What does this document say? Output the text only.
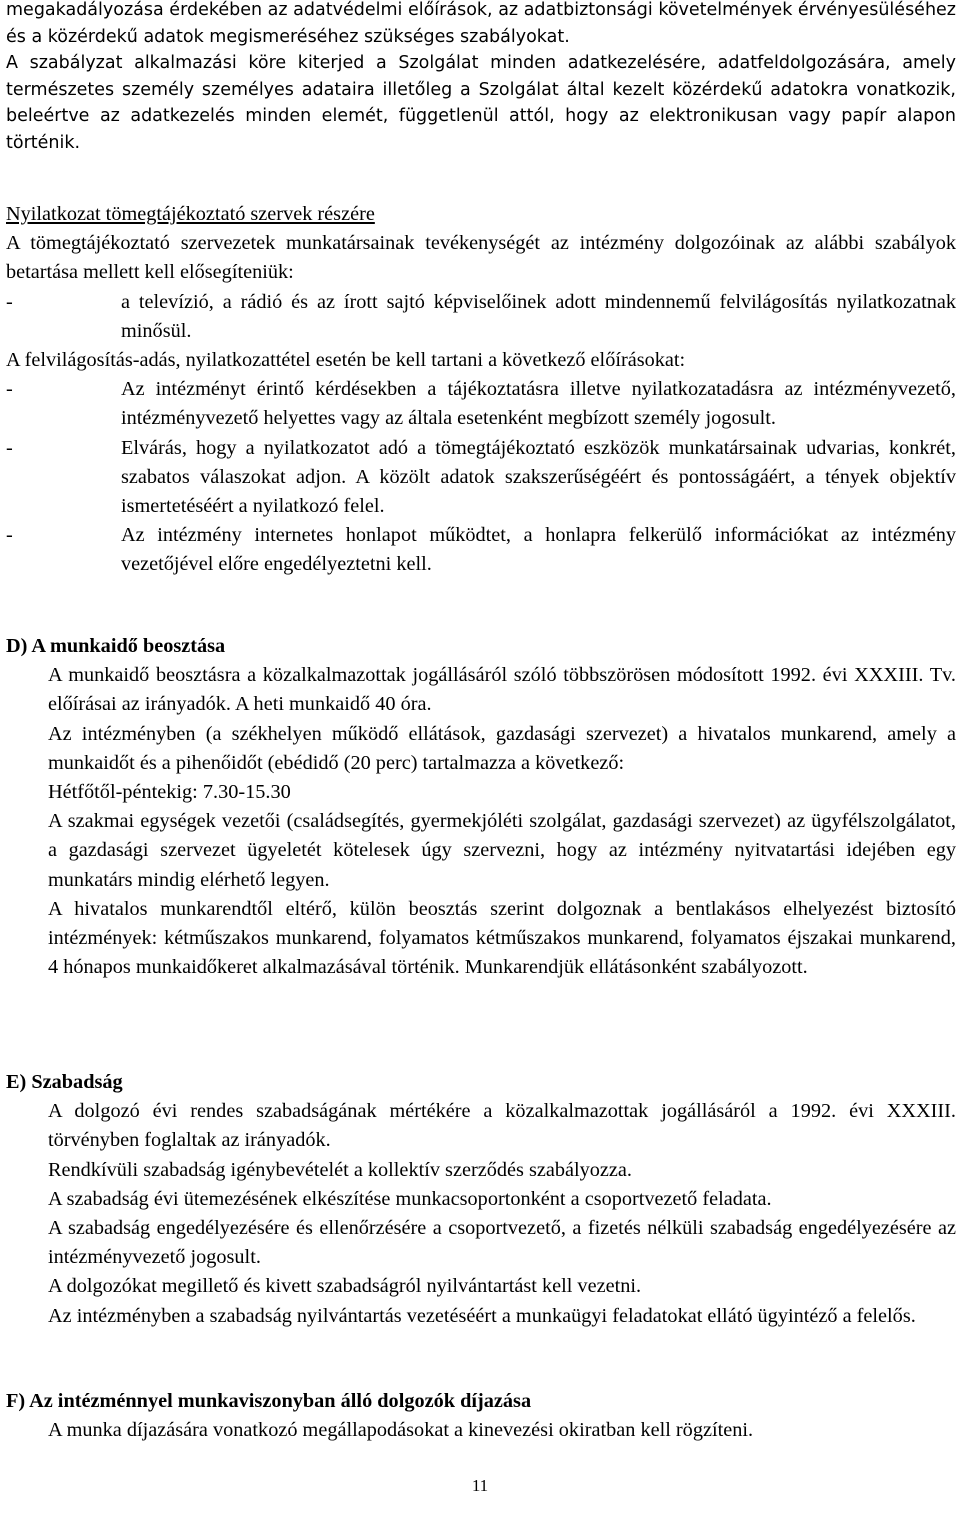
megakadályozása érdekében az adatvédelmi előírások, az adatbiztonsági követelmények érvényesüléséhez és a közérdekű adatok megismeréséhez szükséges szabályokat.

A szabályzat alkalmazási köre kiterjed a Szolgálat minden adatkezelésére, adatfeldolgozására, amely természetes személy személyes adataira illetőleg a Szolgálat által kezelt közérdekű adatokra vonatkozik, beleértve az adatkezelés minden elemét, függetlenül attól, hogy az elektronikusan vagy papír alapon történik.

Nyilatkozat tömegtájékoztató szervek részére

A tömegtájékoztató szervezetek munkatársainak tevékenységét az intézmény dolgozóinak az alábbi szabályok betartása mellett kell elősegíteniük:

-	a televízió, a rádió és az írott sajtó képviselőinek adott mindennemű felvilágosítás nyilatkozatnak minősül.

A felvilágosítás-adás, nyilatkozattétel esetén be kell tartani a következő előírásokat:

-	Az intézményt érintő kérdésekben a tájékoztatásra illetve nyilatkozatadásra az intézményvezető, intézményvezető helyettes vagy az általa esetenként megbízott személy jogosult.
-	Elvárás, hogy a nyilatkozatot adó a tömegtájékoztató eszközök munkatársainak udvarias, konkrét, szabatos válaszokat adjon. A közölt adatok szakszerűségéért és pontosságáért, a tények objektív ismertetéséért a nyilatkozó felel.
-	Az intézmény internetes honlapot működtet, a honlapra felkerülő információkat az intézmény vezetőjével előre engedélyeztetni kell.

D) A munkaidő beosztása

A munkaidő beosztásra a közalkalmazottak jogállásáról szóló többszörösen módosított 1992. évi XXXIII. Tv. előírásai az irányadók. A heti munkaidő 40 óra.

Az intézményben (a székhelyen működő ellátások, gazdasági szervezet) a hivatalos munkarend, amely a munkaidőt és a pihenőidőt (ebédidő (20 perc) tartalmazza a következő:

Hétfőtől-péntekig: 7.30-15.30

A szakmai egységek vezetői (családsegítés, gyermekjóléti szolgálat, gazdasági szervezet) az ügyfélszolgálatot, a gazdasági szervezet ügyeletét kötelesek úgy szervezni, hogy az intézmény nyitvatartási idejében egy munkatárs mindig elérhető legyen.

A hivatalos munkarendtől eltérő, külön beosztás szerint dolgoznak a bentlakásos elhelyezést biztosító intézmények: kétműszakos munkarend, folyamatos kétműszakos munkarend, folyamatos éjszakai munkarend, 4 hónapos munkaidőkeret alkalmazásával történik. Munkarendjük ellátásonként szabályozott.

E) Szabadság

A dolgozó évi rendes szabadságának mértékére a közalkalmazottak jogállásáról a 1992. évi XXXIII. törvényben foglaltak az irányadók.

Rendkívüli szabadság igénybevételét a kollektív szerződés szabályozza.

A szabadság évi ütemezésének elkészítése munkacsoportonként a csoportvezető feladata.

A szabadság engedélyezésére és ellenőrzésére a csoportvezető, a fizetés nélküli szabadság engedélyezésére az intézményvezető jogosult.

A dolgozókat megillető és kivett szabadságról nyilvántartást kell vezetni.

Az intézményben a szabadság nyilvántartás vezetéséért a munkaügyi feladatokat ellátó ügyintéző a felelős.

F) Az intézménnyel munkaviszonyban álló dolgozók díjazása

A munka díjazására vonatkozó megállapodásokat a kinevezési okiratban kell rögzíteni.

11
